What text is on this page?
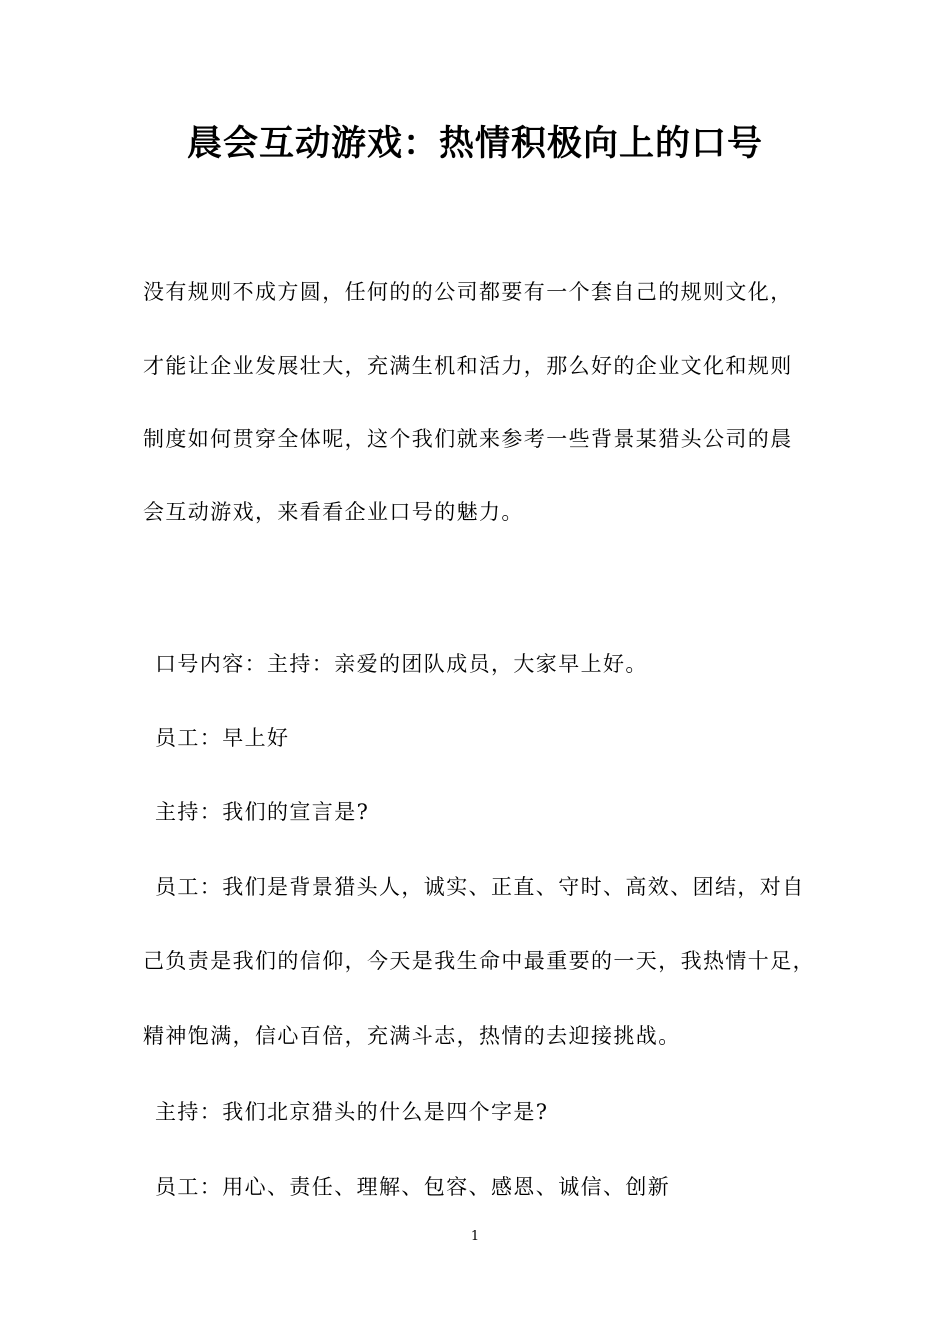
晨会互动游戏：热情积极向上的口号

没有规则不成方圆，任何的的公司都要有一个套自己的规则文化，

才能让企业发展壮大，充满生机和活力，那么好的企业文化和规则

制度如何贯穿全体呢，这个我们就来参考一些背景某猎头公司的晨

会互动游戏，来看看企业口号的魅力。

口号内容：主持：亲爱的团队成员，大家早上好。

员工：早上好

主持：我们的宣言是?

员工：我们是背景猎头人，诚实、正直、守时、高效、团结，对自

己负责是我们的信仰，今天是我生命中最重要的一天，我热情十足，

精神饱满，信心百倍，充满斗志，热情的去迎接挑战。

主持：我们北京猎头的什么是四个字是?

员工：用心、责任、理解、包容、感恩、诚信、创新

1
